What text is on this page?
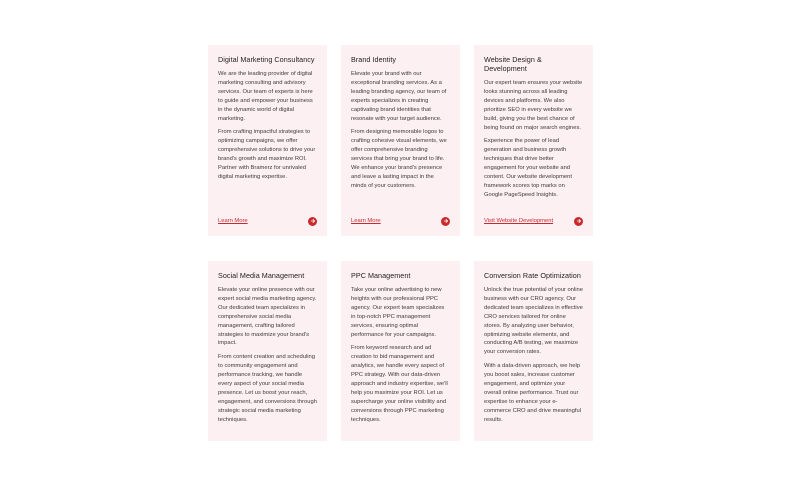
Digital Marketing Consultancy

We are the leading provider of digital marketing consulting and advisory services. Our team of experts is here to guide and empower your business in the dynamic world of digital marketing.

From crafting impactful strategies to optimizing campaigns, we offer comprehensive solutions to drive your brand's growth and maximize ROI. Partner with Bramerz for unrivaled digital marketing expertise.

Learn More
Brand Identity

Elevate your brand with our exceptional branding services. As a leading branding agency, our team of experts specializes in creating captivating brand identities that resonate with your target audience.

From designing memorable logos to crafting cohesive visual elements, we offer comprehensive branding services that bring your brand to life. We enhance your brand's presence and leave a lasting impact in the minds of your customers.

Learn More
Website Design & Development

Our expert team ensures your website looks stunning across all leading devices and platforms. We also prioritize SEO in every website we build, giving you the best chance of being found on major search engines.

Experience the power of lead generation and business growth techniques that drive better engagement for your website and content. Our website development framework scores top marks on Google PageSpeed Insights.

Visit Website Development
Social Media Management

Elevate your online presence with our expert social media marketing agency. Our dedicated team specializes in comprehensive social media management, crafting tailored strategies to maximize your brand's impact.

From content creation and scheduling to community engagement and performance tracking, we handle every aspect of your social media presence. Let us boost your reach, engagement, and conversions through strategic social media marketing techniques.

PPC Management

Take your online advertising to new heights with our professional PPC agency. Our expert team specializes in top-notch PPC management services, ensuring optimal performance for your campaigns.

From keyword research and ad creation to bid management and analytics, we handle every aspect of PPC strategy. With our data-driven approach and industry expertise, we'll help you maximize your ROI. Let us supercharge your online visibility and conversions through PPC marketing techniques.

Conversion Rate Optimization

Unlock the true potential of your online business with our CRO agency. Our dedicated team specializes in effective CRO services tailored for online stores. By analyzing user behavior, optimizing website elements, and conducting A/B testing, we maximize your conversion rates.

With a data-driven approach, we help you boost sales, increase customer engagement, and optimize your overall online performance. Trust our expertise to enhance your e-commerce CRO and drive meaningful results.
